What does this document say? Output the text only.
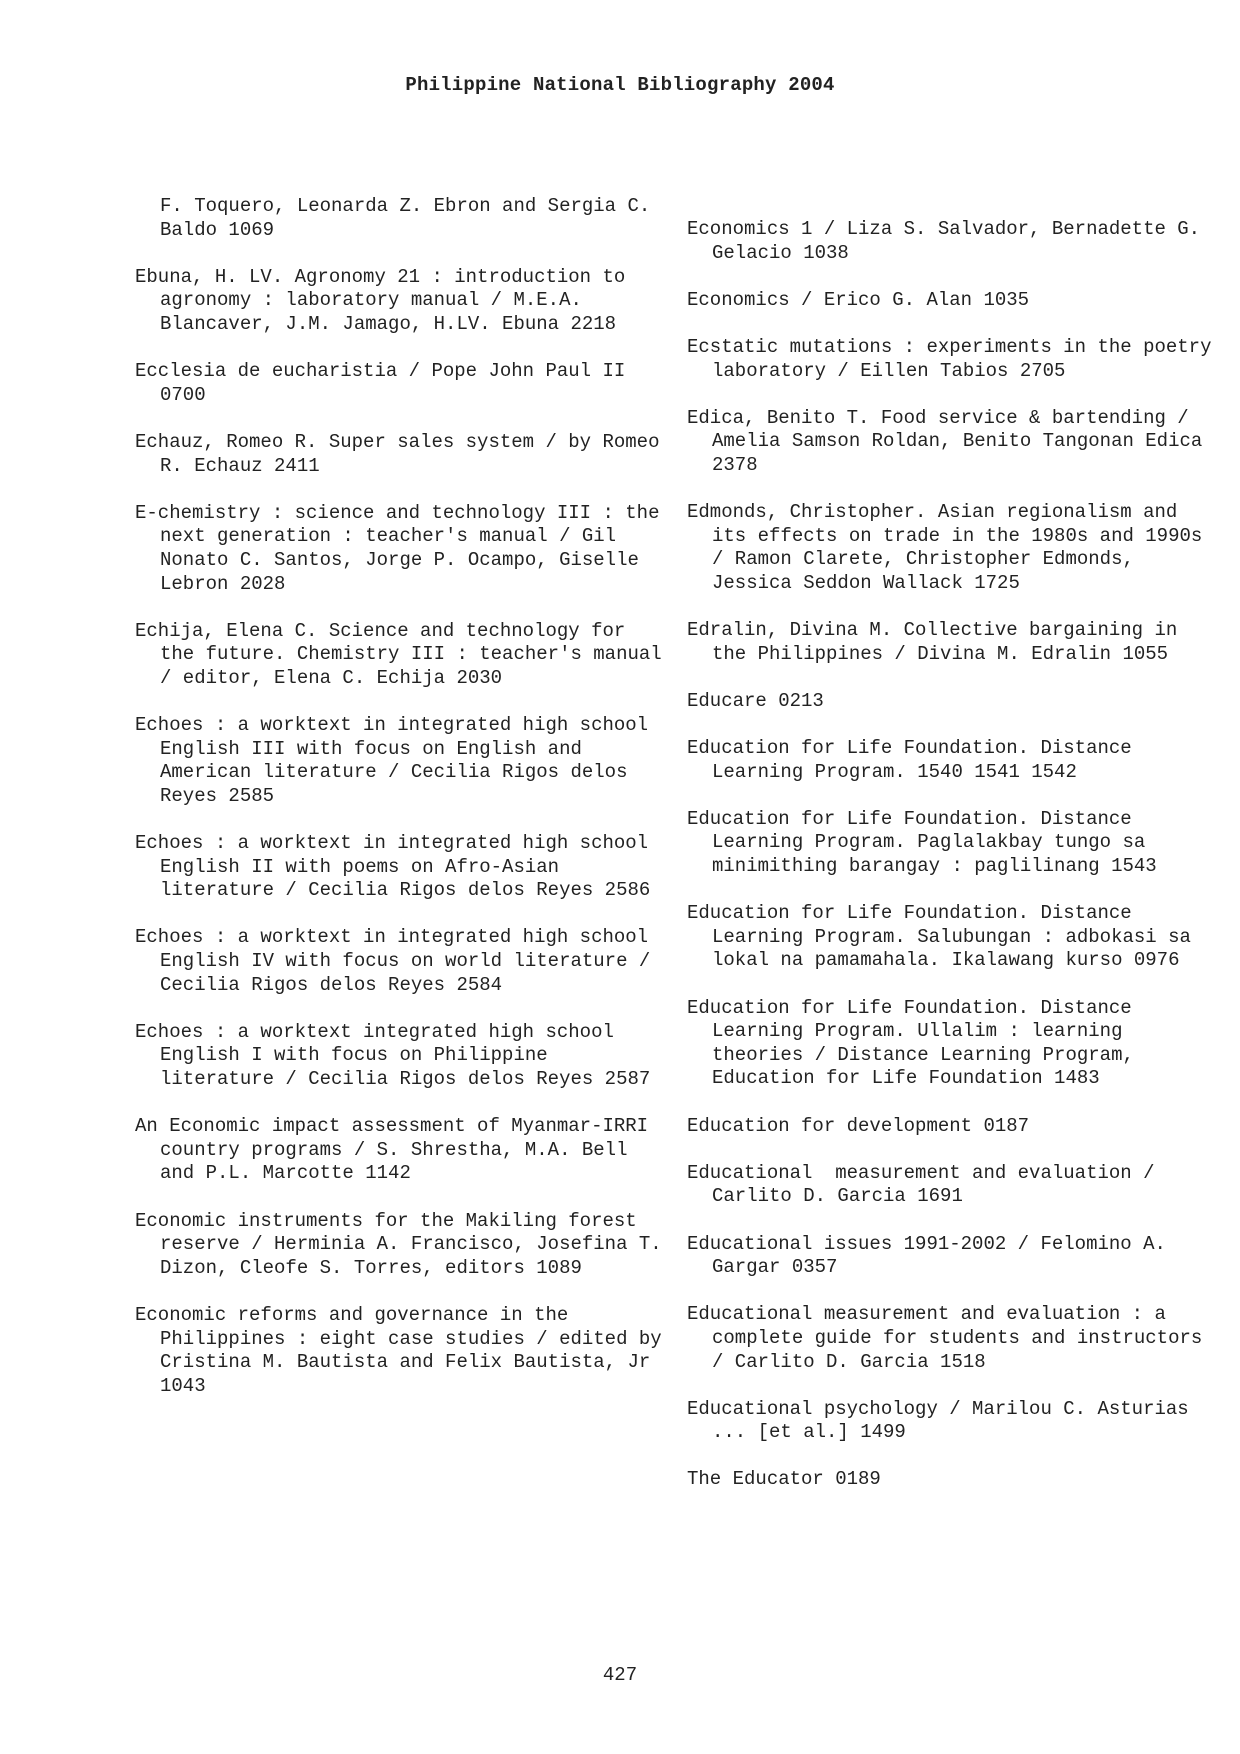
Philippine National Bibliography 2004

F. Toquero, Leonarda Z. Ebron and Sergia C. Baldo 1069

Ebuna, H. LV. Agronomy 21 : introduction to agronomy : laboratory manual / M.E.A. Blancaver, J.M. Jamago, H.LV. Ebuna 2218

Ecclesia de eucharistia / Pope John Paul II 0700

Echauz, Romeo R. Super sales system / by Romeo R. Echauz 2411

E-chemistry : science and technology III : the next generation : teacher's manual / Gil Nonato C. Santos, Jorge P. Ocampo, Giselle Lebron 2028

Echija, Elena C. Science and technology for the future. Chemistry III : teacher's manual / editor, Elena C. Echija 2030

Echoes : a worktext in integrated high school English III with focus on English and American literature / Cecilia Rigos delos Reyes 2585

Echoes : a worktext in integrated high school English II with poems on Afro-Asian literature / Cecilia Rigos delos Reyes 2586

Echoes : a worktext in integrated high school English IV with focus on world literature / Cecilia Rigos delos Reyes 2584

Echoes : a worktext integrated high school English I with focus on Philippine literature / Cecilia Rigos delos Reyes 2587

An Economic impact assessment of Myanmar-IRRI country programs / S. Shrestha, M.A. Bell and P.L. Marcotte 1142

Economic instruments for the Makiling forest reserve / Herminia A. Francisco, Josefina T. Dizon, Cleofe S. Torres, editors 1089

Economic reforms and governance in the Philippines : eight case studies / edited by Cristina M. Bautista and Felix Bautista, Jr 1043

Economics 1 / Liza S. Salvador, Bernadette G. Gelacio 1038

Economics / Erico G. Alan 1035

Ecstatic mutations : experiments in the poetry laboratory / Eillen Tabios 2705

Edica, Benito T. Food service & bartending / Amelia Samson Roldan, Benito Tangonan Edica 2378

Edmonds, Christopher. Asian regionalism and its effects on trade in the 1980s and 1990s / Ramon Clarete, Christopher Edmonds, Jessica Seddon Wallack 1725

Edralin, Divina M. Collective bargaining in the Philippines / Divina M. Edralin 1055

Educare 0213

Education for Life Foundation. Distance Learning Program. 1540 1541 1542

Education for Life Foundation. Distance Learning Program. Paglalakbay tungo sa minimithing barangay : paglilinang 1543

Education for Life Foundation. Distance Learning Program. Salubungan : adbokasi sa lokal na pamamahala. Ikalawang kurso 0976

Education for Life Foundation. Distance Learning Program. Ullalim : learning theories / Distance Learning Program, Education for Life Foundation 1483

Education for development 0187

Educational  measurement and evaluation / Carlito D. Garcia 1691

Educational issues 1991-2002 / Felomino A. Gargar 0357

Educational measurement and evaluation : a complete guide for students and instructors / Carlito D. Garcia 1518

Educational psychology / Marilou C. Asturias ... [et al.] 1499

The Educator 0189

427
